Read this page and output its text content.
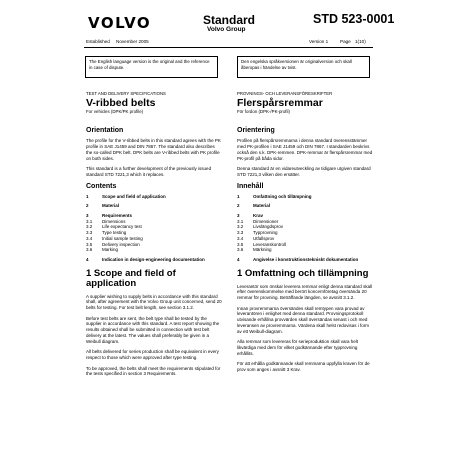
VOLVO	Standard
Volvo Group
STD 523-0001
Established November 2005	Version 1	Page 1(10)
The English language version is the original and the reference in case of dispute.
Den engelska språkversionen är originalversion och skall åberopas i händelse av tvist.
TEST AND DELIVERY SPECIFICATIONS
V-ribbed belts
For vehicles (DPK/PK profile)
Orientation

The profile for the V-ribbed belts in this standard agrees with the PK profile in SAE J1459 and DIN 7867. The standard also describes the so-called DPK belt. DPK belts are V-ribbed belts with PK profile on both sides.

This standard is a further development of the previously issued standard STD 7221,3 which it replaces.

Contents
1	Scope and field of application
2	Material
3	Requirements
3.1	Dimensions
3.2	Life expectancy test
3.3	Type testing
3.4	Initial sample testing
3.5	Delivery inspection
3.6	Marking
4	Indication in design-engineering documentation
1 Scope and field of application

A supplier wishing to supply belts in accordance with this standard shall, after agreement with the Volvo Group unit concerned, send 20 belts for testing. For test belt length, see section 3.1.2.

Before test belts are sent, the belt type shall be tested by the supplier in accordance with this standard. A test report showing the results obtained shall be submitted in connection with test belt delivery at the latest. The values shall preferably be given in a Weibull diagram.

All belts delivered for series production shall be equivalent in every respect to those which were approved after type testing.

To be approved, the belts shall meet the requirements stipulated for the tests specified in section 3 Requirements.

PROVNINGS- OCH LEVERANSFÖRESKRIFTER
Flerspårsremmar
För fordon (DPK-/PK-profil)
Orientering

Profilen på flerspårsremmarna i denna standard överensstämmer med PK-profilen i SAE J1459 och DIN 7867. I standarden beskrivs också den s.k. DPK-remmen. DPK-remmar är flerspårsremmar med PK-profil på båda sidor.

Denna standard är en vidareutveckling av tidigare utgiven standard STD 7221,3 vilken den ersätter.

Innehåll
1	Omfattning och tillämpning
2	Material
3	Krav
3.1	Dimensioner
3.2	Livslängdsprov
3.3	Typprovning
3.4	Utfallsprov
3.5	Leveranskontroll
3.6	Märkning
4	Angivelse i konstruktionstekniskt dokumentation
1 Omfattning och tillämpning

Leverantör som önskar leverera remmar enligt denna standard skall efter överenskommelse med berört koncernföretag översända 20 remmar för provning. Beträffande längden, se avsnitt 3.1.2.

Innan provremmarna översändes skall remtypen vara provad av leverantören i enlighet med denna standard. Provningsprotokoll utvisande erhållna provvärden skall översändas senast i och med leveransen av provremmarna. Värdena skall helst redovisas i form av ett Weibull-diagram.

Alla remmar som levereras för serieproduktion skall vara helt likvärdiga med dem för vilket godkännande efter typprovning erhållits.

För att erhålla godkännande skall remmarna uppfylla kraven för de prov som anges i avsnitt 3 Krav.
